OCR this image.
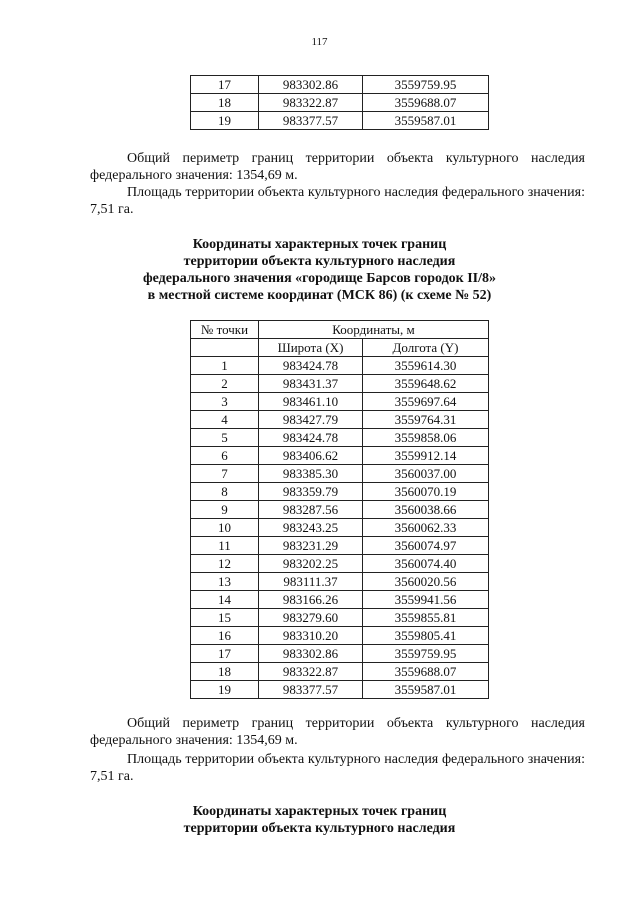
117
17	983302.86	3559759.95
18	983322.87	3559688.07
19	983377.57	3559587.01
Общий периметр границ территории объекта культурного наследия федерального значения: 1354,69 м.
Площадь территории объекта культурного наследия федерального значения: 7,51 га.
Координаты характерных точек границ
территории объекта культурного наследия
федерального значения «городище Барсов городок II/8»
в местной системе координат (МСК 86) (к схеме № 52)
№ точки	Координаты, м	
	Широта (X)	Долгота (Y)
1	983424.78	3559614.30
2	983431.37	3559648.62
3	983461.10	3559697.64
4	983427.79	3559764.31
5	983424.78	3559858.06
6	983406.62	3559912.14
7	983385.30	3560037.00
8	983359.79	3560070.19
9	983287.56	3560038.66
10	983243.25	3560062.33
11	983231.29	3560074.97
12	983202.25	3560074.40
13	983111.37	3560020.56
14	983166.26	3559941.56
15	983279.60	3559855.81
16	983310.20	3559805.41
17	983302.86	3559759.95
18	983322.87	3559688.07
19	983377.57	3559587.01
Общий периметр границ территории объекта культурного наследия федерального значения: 1354,69 м.
Площадь территории объекта культурного наследия федерального значения: 7,51 га.
Координаты характерных точек границ
территории объекта культурного наследия
